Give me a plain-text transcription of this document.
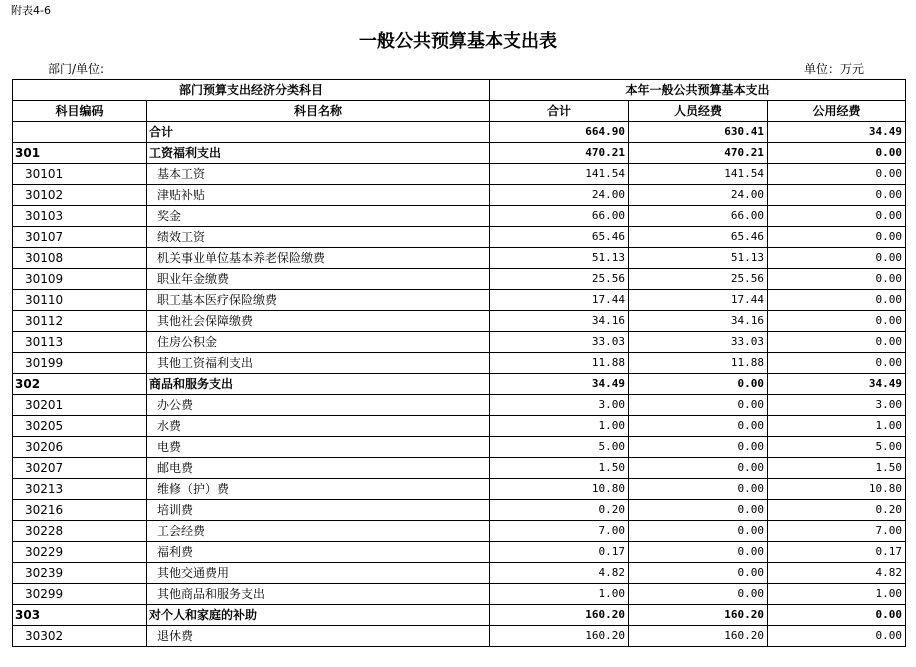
附表4-6
一般公共预算基本支出表
部门/单位:	单位：万元
部门预算支出经济分类科目		本年一般公共预算基本支出		
科目编码	科目名称	合计	人员经费	公用经费
	合计	664.90	630.41	34.49
301	工资福利支出	470.21	470.21	0.00
30101	基本工资	141.54	141.54	0.00
30102	津贴补贴	24.00	24.00	0.00
30103	奖金	66.00	66.00	0.00
30107	绩效工资	65.46	65.46	0.00
30108	机关事业单位基本养老保险缴费	51.13	51.13	0.00
30109	职业年金缴费	25.56	25.56	0.00
30110	职工基本医疗保险缴费	17.44	17.44	0.00
30112	其他社会保障缴费	34.16	34.16	0.00
30113	住房公积金	33.03	33.03	0.00
30199	其他工资福利支出	11.88	11.88	0.00
302	商品和服务支出	34.49	0.00	34.49
30201	办公费	3.00	0.00	3.00
30205	水费	1.00	0.00	1.00
30206	电费	5.00	0.00	5.00
30207	邮电费	1.50	0.00	1.50
30213	维修（护）费	10.80	0.00	10.80
30216	培训费	0.20	0.00	0.20
30228	工会经费	7.00	0.00	7.00
30229	福利费	0.17	0.00	0.17
30239	其他交通费用	4.82	0.00	4.82
30299	其他商品和服务支出	1.00	0.00	1.00
303	对个人和家庭的补助	160.20	160.20	0.00
30302	退休费	160.20	160.20	0.00
